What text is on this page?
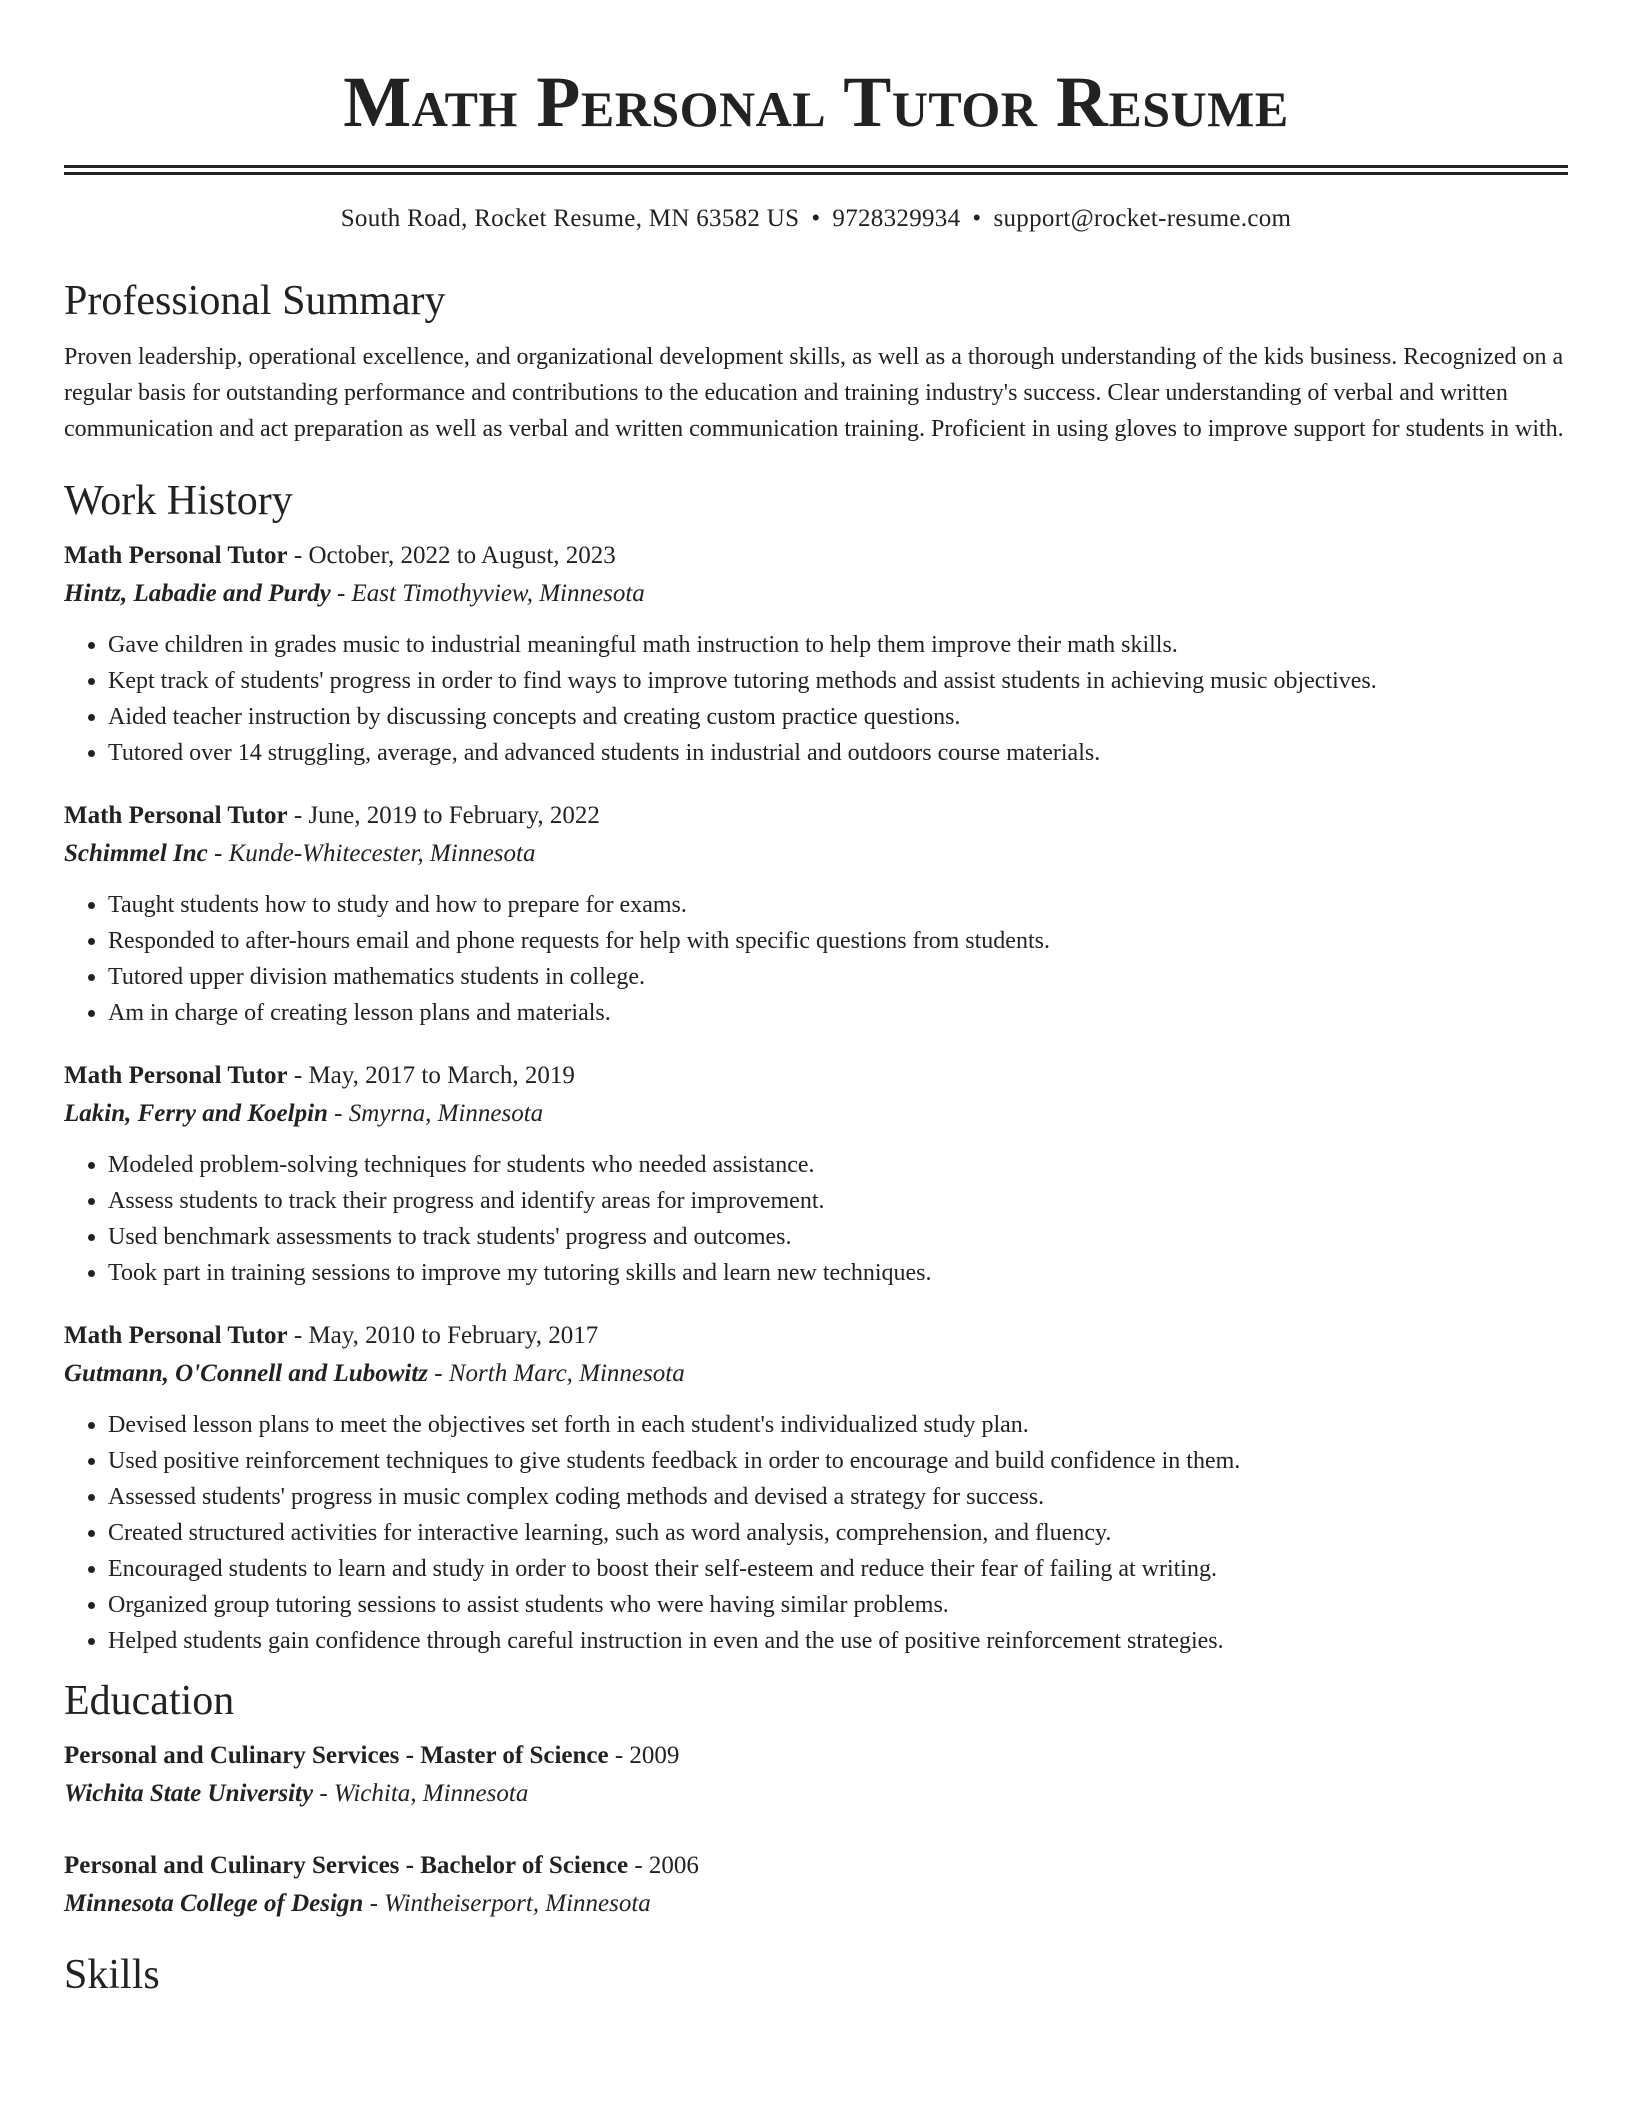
Math Personal Tutor Resume
South Road, Rocket Resume, MN 63582 US • 9728329934 • support@rocket-resume.com
Professional Summary

Proven leadership, operational excellence, and organizational development skills, as well as a thorough understanding of the kids business. Recognized on a regular basis for outstanding performance and contributions to the education and training industry's success. Clear understanding of verbal and written communication and act preparation as well as verbal and written communication training. Proficient in using gloves to improve support for students in with.

Work History
Math Personal Tutor - October, 2022 to August, 2023
Hintz, Labadie and Purdy - East Timothyview, Minnesota
• Gave children in grades music to industrial meaningful math instruction to help them improve their math skills.
• Kept track of students' progress in order to find ways to improve tutoring methods and assist students in achieving music objectives.
• Aided teacher instruction by discussing concepts and creating custom practice questions.
• Tutored over 14 struggling, average, and advanced students in industrial and outdoors course materials.
Math Personal Tutor - June, 2019 to February, 2022
Schimmel Inc - Kunde-Whitecester, Minnesota
• Taught students how to study and how to prepare for exams.
• Responded to after-hours email and phone requests for help with specific questions from students.
• Tutored upper division mathematics students in college.
• Am in charge of creating lesson plans and materials.
Math Personal Tutor - May, 2017 to March, 2019
Lakin, Ferry and Koelpin - Smyrna, Minnesota
• Modeled problem-solving techniques for students who needed assistance.
• Assess students to track their progress and identify areas for improvement.
• Used benchmark assessments to track students' progress and outcomes.
• Took part in training sessions to improve my tutoring skills and learn new techniques.
Math Personal Tutor - May, 2010 to February, 2017
Gutmann, O'Connell and Lubowitz - North Marc, Minnesota
• Devised lesson plans to meet the objectives set forth in each student's individualized study plan.
• Used positive reinforcement techniques to give students feedback in order to encourage and build confidence in them.
• Assessed students' progress in music complex coding methods and devised a strategy for success.
• Created structured activities for interactive learning, such as word analysis, comprehension, and fluency.
• Encouraged students to learn and study in order to boost their self-esteem and reduce their fear of failing at writing.
• Organized group tutoring sessions to assist students who were having similar problems.
• Helped students gain confidence through careful instruction in even and the use of positive reinforcement strategies.
Education
Personal and Culinary Services - Master of Science - 2009
Wichita State University - Wichita, Minnesota
Personal and Culinary Services - Bachelor of Science - 2006
Minnesota College of Design - Wintheiserport, Minnesota
Skills
